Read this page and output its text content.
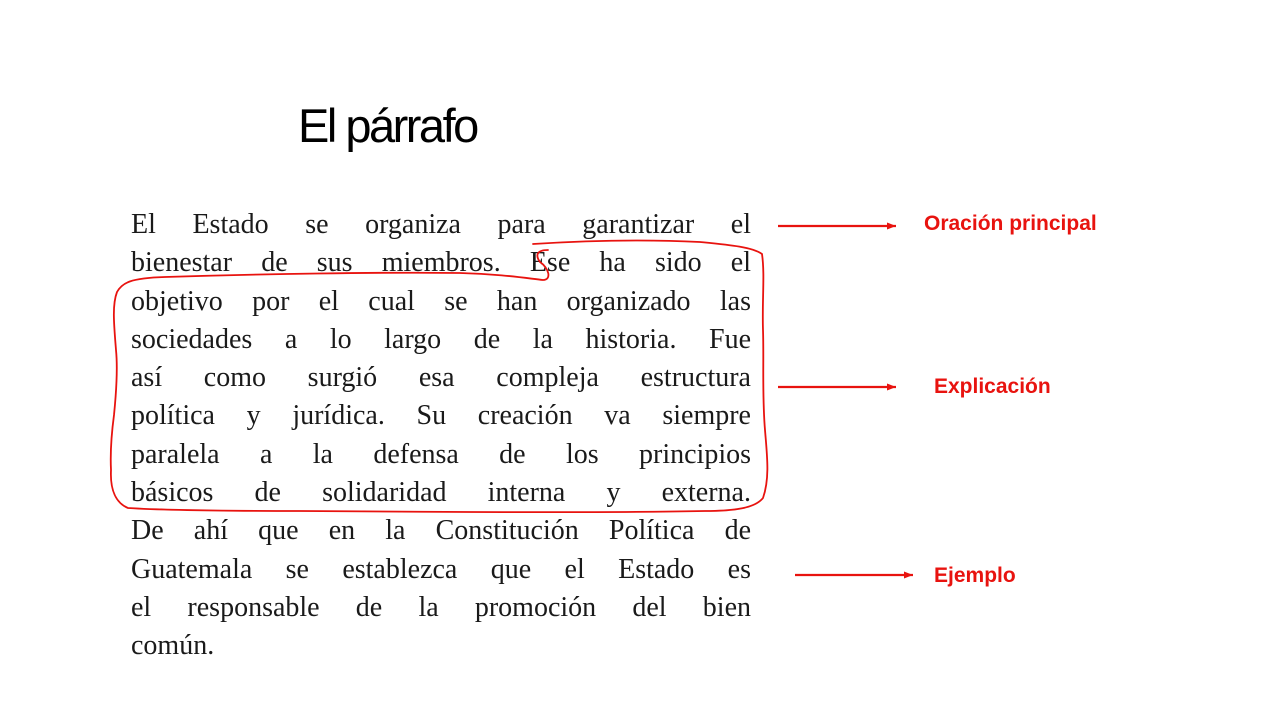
El párrafo
El Estado se organiza para garantizar el
bienestar de sus miembros. Ese ha sido el
objetivo por el cual se han organizado las
sociedades a lo largo de la historia. Fue
así como surgió esa compleja estructura
política y jurídica. Su creación va siempre
paralela a la defensa de los principios
básicos de solidaridad interna y externa.
De ahí que en la Constitución Política de
Guatemala se establezca que el Estado es
el responsable de la promoción del bien
común.

Oración principal

Explicación

Ejemplo
